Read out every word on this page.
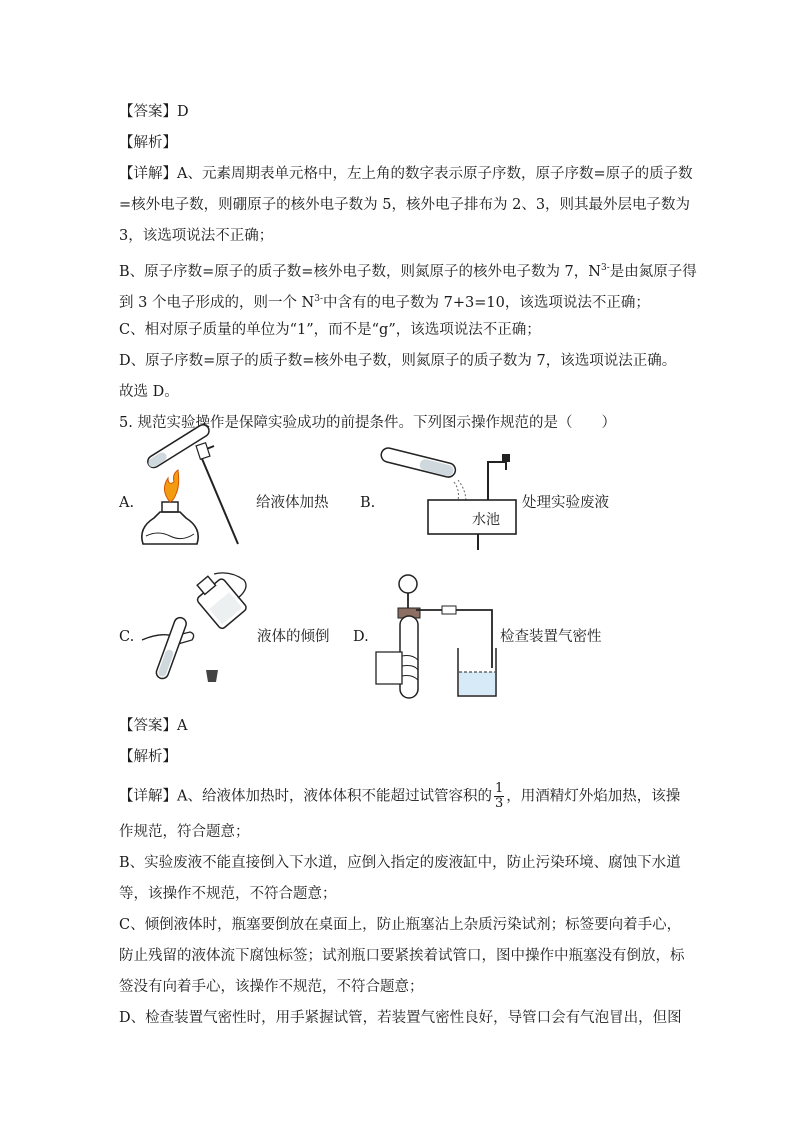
【答案】D
【解析】
【详解】A、元素周期表单元格中，左上角的数字表示原子序数，原子序数=原子的质子数
=核外电子数，则硼原子的核外电子数为 5，核外电子排布为 2、3，则其最外层电子数为
3，该选项说法不正确；
B、原子序数=原子的质子数=核外电子数，则氮原子的核外电子数为 7，$N^{3-}$是由氮原子得
到 3 个电子形成的，则一个 $N^{3-}$中含有的电子数为 7+3=10，该选项说法不正确；
C、相对原子质量的单位为“1”，而不是“g”，该选项说法不正确；
D、原子序数=原子的质子数=核外电子数，则氮原子的质子数为 7，该选项说法正确。
故选 D。
5. 规范实验操作是保障实验成功的前提条件。下列图示操作规范的是（　　）
A.	给液体加热 B.
水池
处理实验废液
C.	液体的倾倒 D.	检查装置气密性
【答案】A
【解析】
【详解】A、给液体加热时，液体体积不能超过试管容积的 $\frac{1}{3}$ ，用酒精灯外焰加热，该操
作规范，符合题意；
B、实验废液不能直接倒入下水道，应倒入指定的废液缸中，防止污染环境、腐蚀下水道
等，该操作不规范，不符合题意；
C、倾倒液体时，瓶塞要倒放在桌面上，防止瓶塞沾上杂质污染试剂；标签要向着手心，
防止残留的液体流下腐蚀标签；试剂瓶口要紧挨着试管口，图中操作中瓶塞没有倒放，标
签没有向着手心，该操作不规范，不符合题意；
D、检查装置气密性时，用手紧握试管，若装置气密性良好，导管口会有气泡冒出，但图
